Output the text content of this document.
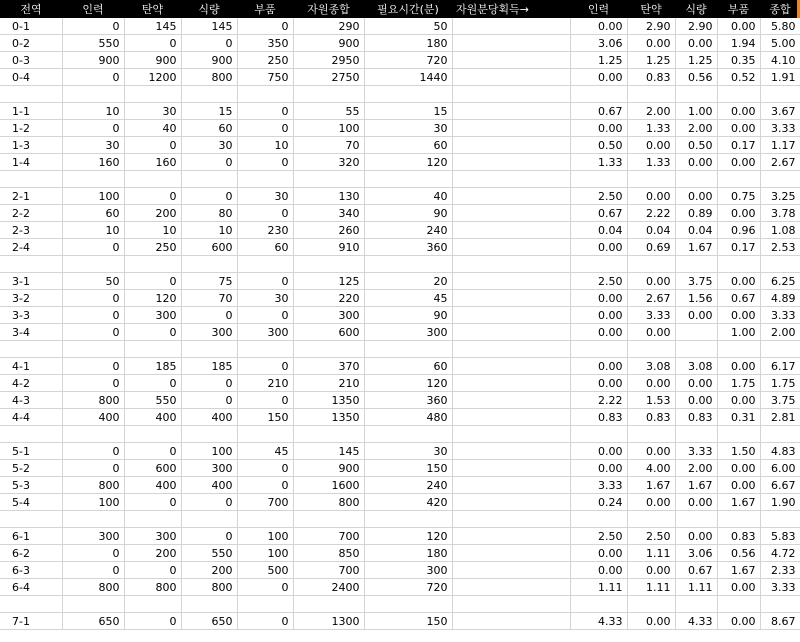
전역	인력	탄약	식량	부품	자원종합	필요시간(분)	자원분당획득→	인력	탄약	식량	부품	종합
0-1	0	145	145	0	290	50		0.00	2.90	2.90	0.00	5.80
0-2	550	0	0	350	900	180		3.06	0.00	0.00	1.94	5.00
0-3	900	900	900	250	2950	720		1.25	1.25	1.25	0.35	4.10
0-4	0	1200	800	750	2750	1440		0.00	0.83	0.56	0.52	1.91

1-1	10	30	15	0	55	15		0.67	2.00	1.00	0.00	3.67
1-2	0	40	60	0	100	30		0.00	1.33	2.00	0.00	3.33
1-3	30	0	30	10	70	60		0.50	0.00	0.50	0.17	1.17
1-4	160	160	0	0	320	120		1.33	1.33	0.00	0.00	2.67

2-1	100	0	0	30	130	40		2.50	0.00	0.00	0.75	3.25
2-2	60	200	80	0	340	90		0.67	2.22	0.89	0.00	3.78
2-3	10	10	10	230	260	240		0.04	0.04	0.04	0.96	1.08
2-4	0	250	600	60	910	360		0.00	0.69	1.67	0.17	2.53

3-1	50	0	75	0	125	20		2.50	0.00	3.75	0.00	6.25
3-2	0	120	70	30	220	45		0.00	2.67	1.56	0.67	4.89
3-3	0	300	0	0	300	90		0.00	3.33	0.00	0.00	3.33
3-4	0	0	300	300	600	300		0.00	0.00		1.00	2.00

4-1	0	185	185	0	370	60		0.00	3.08	3.08	0.00	6.17
4-2	0	0	0	210	210	120		0.00	0.00	0.00	1.75	1.75
4-3	800	550	0	0	1350	360		2.22	1.53	0.00	0.00	3.75
4-4	400	400	400	150	1350	480		0.83	0.83	0.83	0.31	2.81

5-1	0	0	100	45	145	30		0.00	0.00	3.33	1.50	4.83
5-2	0	600	300	0	900	150		0.00	4.00	2.00	0.00	6.00
5-3	800	400	400	0	1600	240		3.33	1.67	1.67	0.00	6.67
5-4	100	0	0	700	800	420		0.24	0.00	0.00	1.67	1.90

6-1	300	300	0	100	700	120		2.50	2.50	0.00	0.83	5.83
6-2	0	200	550	100	850	180		0.00	1.11	3.06	0.56	4.72
6-3	0	0	200	500	700	300		0.00	0.00	0.67	1.67	2.33
6-4	800	800	800	0	2400	720		1.11	1.11	1.11	0.00	3.33

7-1	650	0	650	0	1300	150		4.33	0.00	4.33	0.00	8.67
